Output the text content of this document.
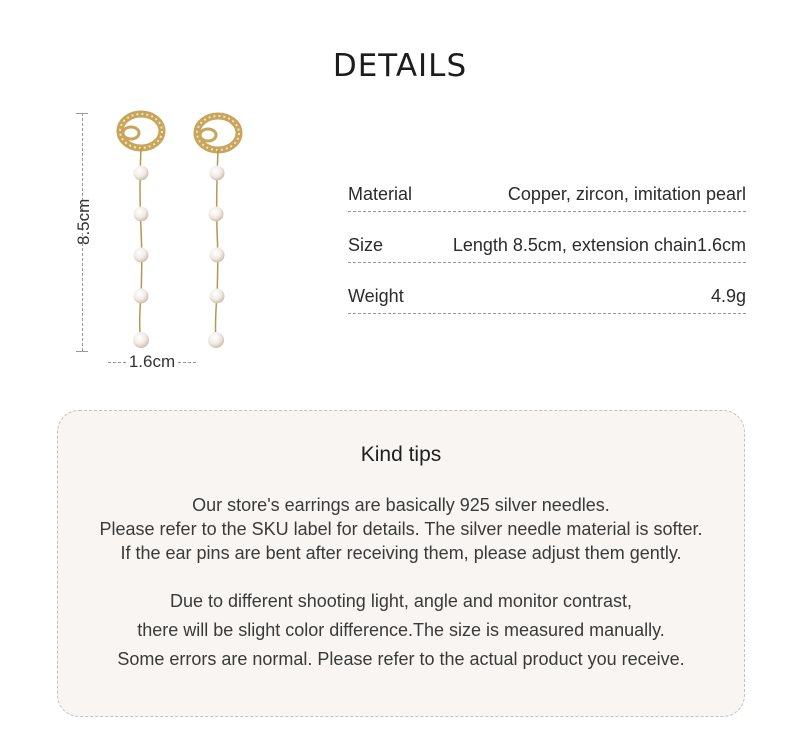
DETAILS
8.5cm
1.6cm
Material	Copper, zircon, imitation pearl
Size	Length 8.5cm, extension chain1.6cm
Weight	4.9g
Kind tips
Our store's earrings are basically 925 silver needles.
Please refer to the SKU label for details. The silver needle material is softer.
If the ear pins are bent after receiving them, please adjust them gently.
Due to different shooting light, angle and monitor contrast,
there will be slight color difference.The size is measured manually.
Some errors are normal. Please refer to the actual product you receive.
